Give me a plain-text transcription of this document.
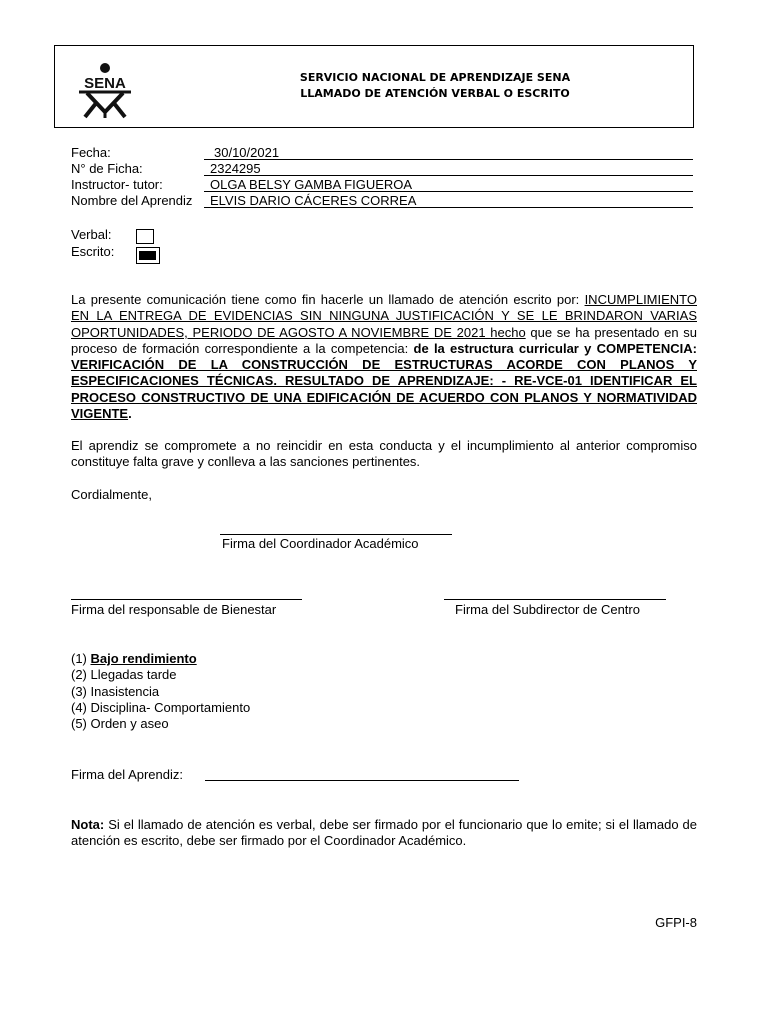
SENA	SERVICIO NACIONAL DE APRENDIZAJE SENA
LLAMADO DE ATENCIÓN VERBAL O ESCRITO
Fecha:	30/10/2021
N° de Ficha:	2324295
Instructor- tutor:	OLGA BELSY GAMBA FIGUEROA
Nombre del Aprendiz ELVIS DARIO CÁCERES CORREA
Verbal:
Escrito:
La presente comunicación tiene como fin hacerle un llamado de atención escrito por: INCUMPLIMIENTO EN LA ENTREGA DE EVIDENCIAS SIN NINGUNA JUSTIFICACIÓN Y SE LE BRINDARON VARIAS OPORTUNIDADES, PERIODO DE AGOSTO A NOVIEMBRE DE 2021 hecho que se ha presentado en su proceso de formación correspondiente a la competencia: de la estructura curricular y COMPETENCIA: VERIFICACIÓN DE LA CONSTRUCCIÓN DE ESTRUCTURAS ACORDE CON PLANOS Y ESPECIFICACIONES TÉCNICAS. RESULTADO DE APRENDIZAJE: - RE-VCE-01 IDENTIFICAR EL PROCESO CONSTRUCTIVO DE UNA EDIFICACIÓN DE ACUERDO CON PLANOS Y NORMATIVIDAD VIGENTE.
El aprendiz se compromete a no reincidir en esta conducta y el incumplimiento al anterior compromiso constituye falta grave y conlleva a las sanciones pertinentes.
Cordialmente,
Firma del Coordinador Académico
Firma del responsable de Bienestar	Firma del Subdirector de Centro
(1) Bajo rendimiento
(2) Llegadas tarde
(3) Inasistencia
(4) Disciplina- Comportamiento
(5) Orden y aseo
Firma del Aprendiz:
Nota: Si el llamado de atención es verbal, debe ser firmado por el funcionario que lo emite; si el llamado de atención es escrito, debe ser firmado por el Coordinador Académico.
GFPI-8
